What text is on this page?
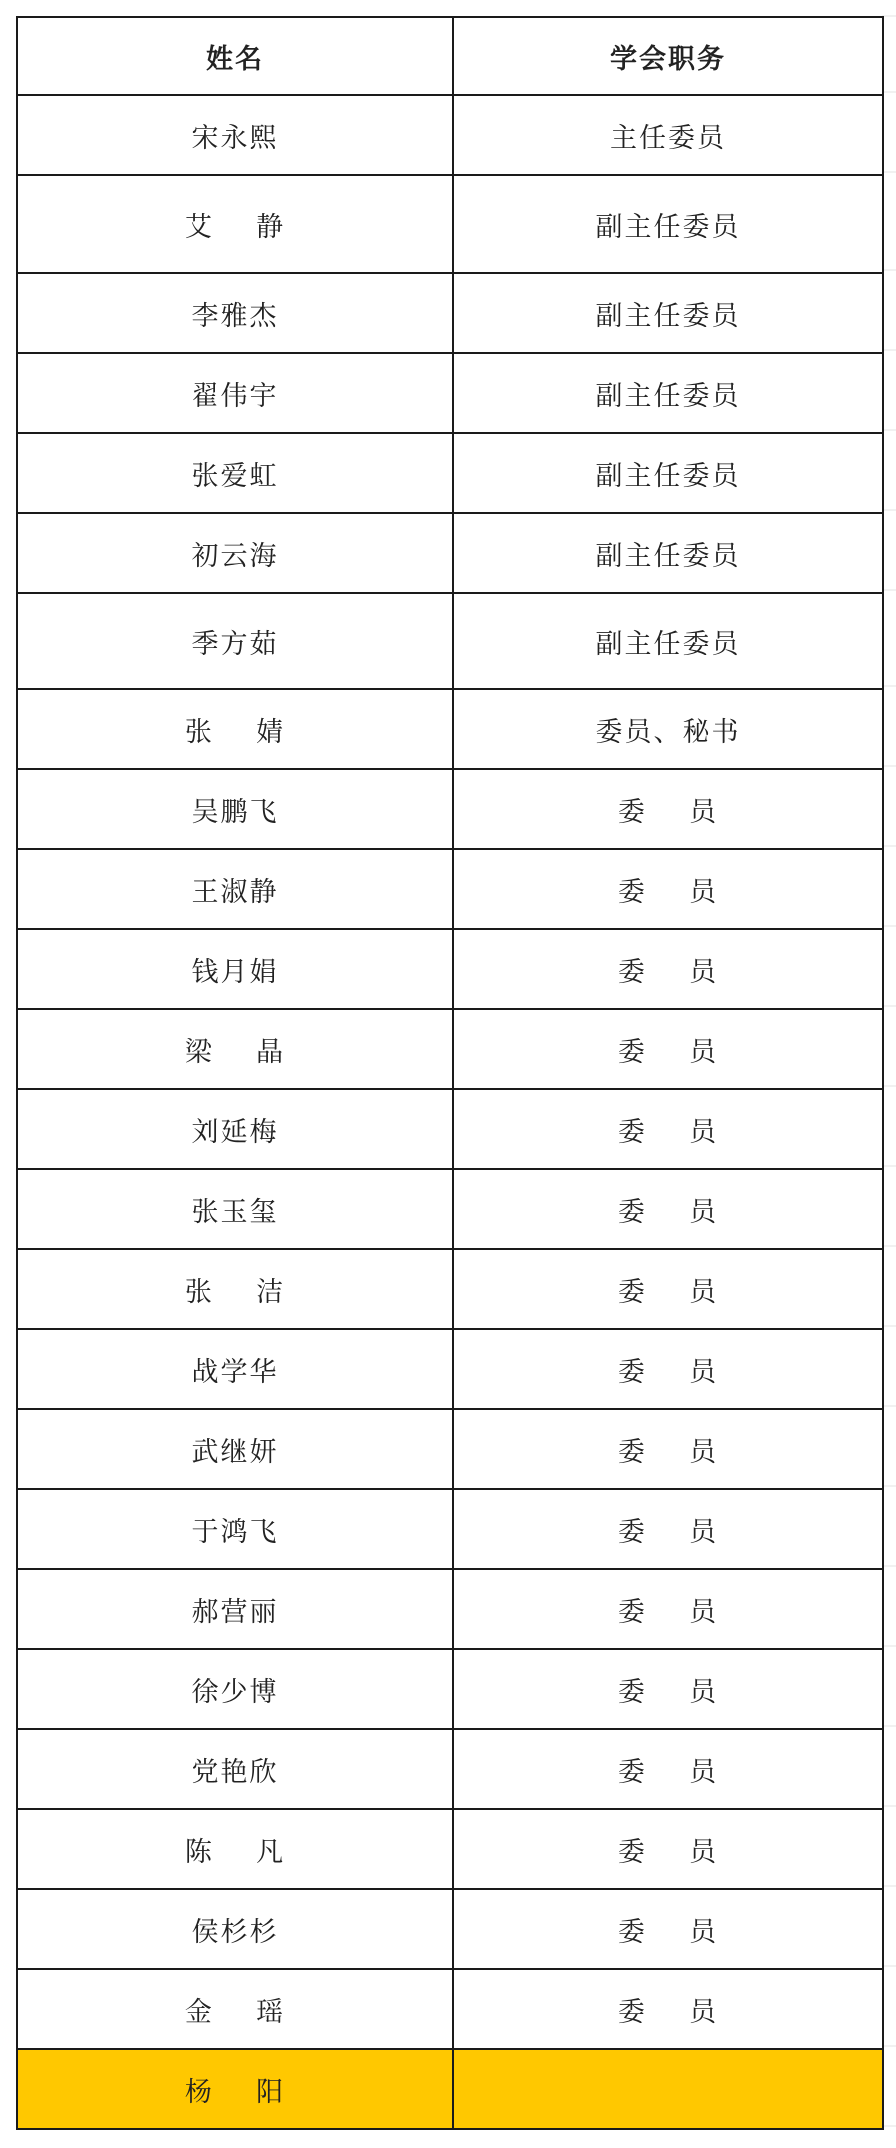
姓名	学会职务
宋永熙	主任委员
艾    静	副主任委员
李雅杰	副主任委员
翟伟宇	副主任委员
张爱虹	副主任委员
初云海	副主任委员
季方茹	副主任委员
张    婧	委员、秘书
吴鹏飞	委    员
王淑静	委    员
钱月娟	委    员
梁    晶	委    员
刘延梅	委    员
张玉玺	委    员
张    洁	委    员
战学华	委    员
武继妍	委    员
于鸿飞	委    员
郝营丽	委    员
徐少博	委    员
党艳欣	委    员
陈    凡	委    员
侯杉杉	委    员
金    瑶	委    员
杨    阳	
